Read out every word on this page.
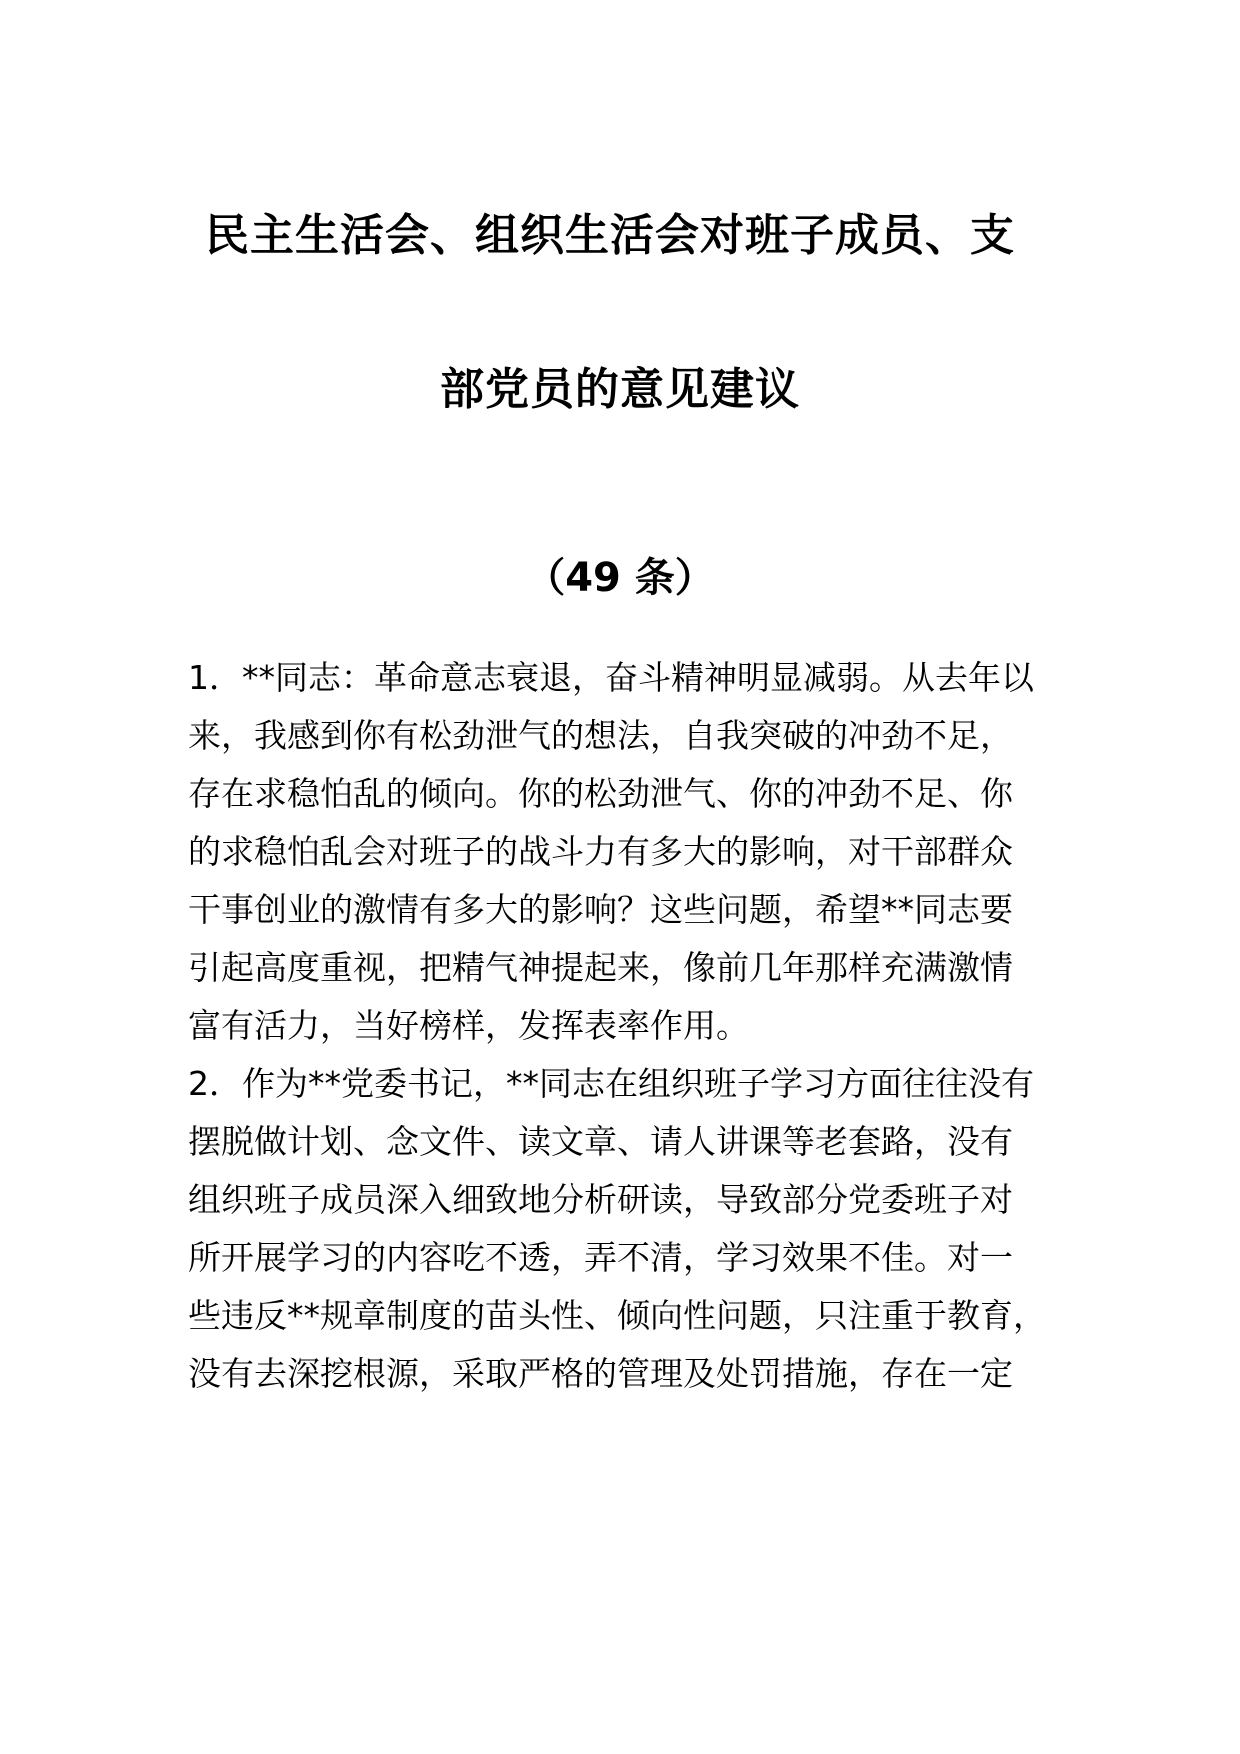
民主生活会、组织生活会对班子成员、支
部党员的意见建议
（49 条）
1．**同志：革命意志衰退，奋斗精神明显减弱。从去年以
来，我感到你有松劲泄气的想法，自我突破的冲劲不足，
存在求稳怕乱的倾向。你的松劲泄气、你的冲劲不足、你
的求稳怕乱会对班子的战斗力有多大的影响，对干部群众
干事创业的激情有多大的影响？这些问题，希望**同志要
引起高度重视，把精气神提起来，像前几年那样充满激情
富有活力，当好榜样，发挥表率作用。
2．作为**党委书记，**同志在组织班子学习方面往往没有
摆脱做计划、念文件、读文章、请人讲课等老套路，没有
组织班子成员深入细致地分析研读，导致部分党委班子对
所开展学习的内容吃不透，弄不清，学习效果不佳。对一
些违反**规章制度的苗头性、倾向性问题，只注重于教育，
没有去深挖根源，采取严格的管理及处罚措施，存在一定
